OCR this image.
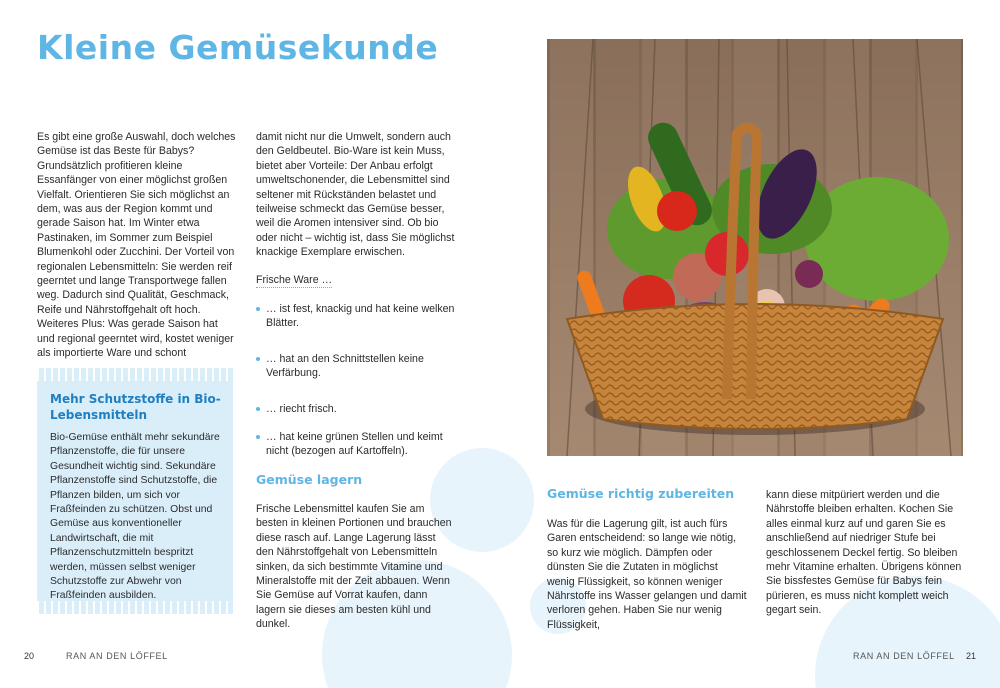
Kleine Gemüsekunde

Es gibt eine große Auswahl, doch welches Gemüse ist das Beste für Babys? Grundsätzlich profitieren kleine Essanfänger von einer möglichst großen Vielfalt. Orientieren Sie sich möglichst an dem, was aus der Region kommt und gerade Saison hat. Im Winter etwa Pastinaken, im Sommer zum Beispiel Blumenkohl oder Zucchini. Der Vorteil von regionalen Lebensmitteln: Sie werden reif geerntet und lange Transportwege fallen weg. Dadurch sind Qualität, Geschmack, Reife und Nährstoffgehalt oft hoch. Weiteres Plus: Was gerade Saison hat und regional geerntet wird, kostet weniger als importierte Ware und schont

damit nicht nur die Umwelt, sondern auch den Geldbeutel. Bio-Ware ist kein Muss, bietet aber Vorteile: Der Anbau erfolgt umweltschonender, die Lebensmittel sind seltener mit Rückständen belastet und teilweise schmeckt das Gemüse besser, weil die Aromen intensiver sind. Ob bio oder nicht – wichtig ist, dass Sie möglichst knackige Exemplare erwischen.

Frische Ware …
… ist fest, knackig und hat keine welken Blätter.
… hat an den Schnittstellen keine Verfärbung.
… riecht frisch.
… hat keine grünen Stellen und keimt nicht (bezogen auf Kartoffeln).
Gemüse lagern

Frische Lebensmittel kaufen Sie am besten in kleinen Portionen und brauchen diese rasch auf. Lange Lagerung lässt den Nährstoffgehalt von Lebensmitteln sinken, da sich bestimmte Vitamine und Mineralstoffe mit der Zeit abbauen. Wenn Sie Gemüse auf Vorrat kaufen, dann lagern sie dieses am besten kühl und dunkel.

Mehr Schutzstoffe in Bio-Lebensmitteln

Bio-Gemüse enthält mehr sekundäre Pflanzenstoffe, die für unsere Gesundheit wichtig sind. Sekundäre Pflanzenstoffe sind Schutzstoffe, die Pflanzen bilden, um sich vor Fraßfeinden zu schützen. Obst und Gemüse aus konventioneller Landwirtschaft, die mit Pflanzenschutzmitteln bespritzt werden, müssen selbst weniger Schutzstoffe zur Abwehr von Fraßfeinden ausbilden.

Gemüse richtig zubereiten

Was für die Lagerung gilt, ist auch fürs Garen entscheidend: so lange wie nötig, so kurz wie möglich. Dämpfen oder dünsten Sie die Zutaten in möglichst wenig Flüssigkeit, so können weniger Nährstoffe ins Wasser gelangen und damit verloren gehen. Haben Sie nur wenig Flüssigkeit,

kann diese mitpüriert werden und die Nährstoffe bleiben erhalten. Kochen Sie alles einmal kurz auf und garen Sie es anschließend auf niedriger Stufe bei geschlossenem Deckel fertig. So bleiben mehr Vitamine erhalten. Übrigens können Sie bissfestes Gemüse für Babys fein pürieren, es muss nicht komplett weich gegart sein.

20	RAN AN DEN LÖFFEL	RAN AN DEN LÖFFEL 21
